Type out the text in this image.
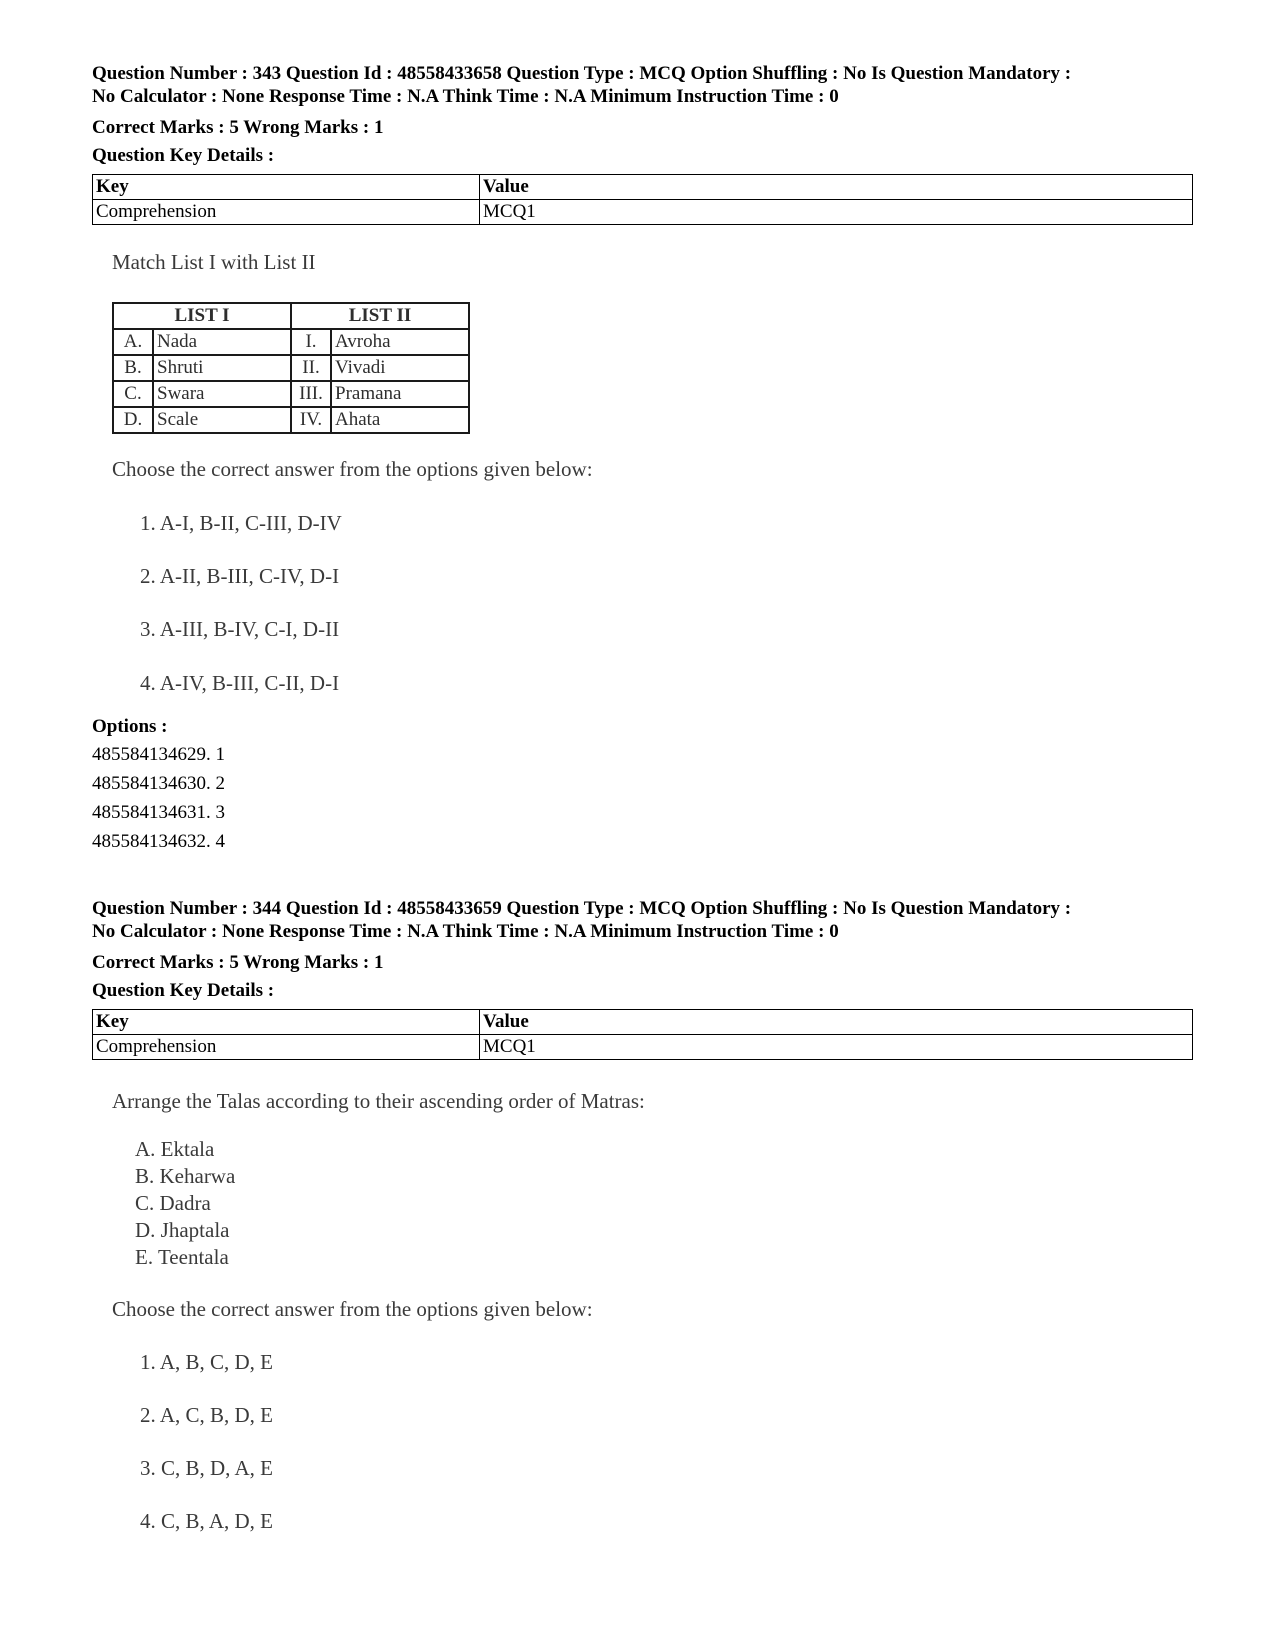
Question Number : 343 Question Id : 48558433658 Question Type : MCQ Option Shuffling : No Is Question Mandatory :
No Calculator : None Response Time : N.A Think Time : N.A Minimum Instruction Time : 0
Correct Marks : 5 Wrong Marks : 1
Question Key Details :
Key	Value
Comprehension	MCQ1
Match List I with List II
LIST I		LIST II	
A.	Nada	I.	Avroha
B.	Shruti	II.	Vivadi
C.	Swara	III.	Pramana
D.	Scale	IV.	Ahata
Choose the correct answer from the options given below:
1. A-I, B-II, C-III, D-IV
2. A-II, B-III, C-IV, D-I
3. A-III, B-IV, C-I, D-II
4. A-IV, B-III, C-II, D-I
Options :
485584134629. 1
485584134630. 2
485584134631. 3
485584134632. 4
Question Number : 344 Question Id : 48558433659 Question Type : MCQ Option Shuffling : No Is Question Mandatory :
No Calculator : None Response Time : N.A Think Time : N.A Minimum Instruction Time : 0
Correct Marks : 5 Wrong Marks : 1
Question Key Details :
Key	Value
Comprehension	MCQ1
Arrange the Talas according to their ascending order of Matras:
A. Ektala
B. Keharwa
C. Dadra
D. Jhaptala
E. Teentala
Choose the correct answer from the options given below:
1. A, B, C, D, E
2. A, C, B, D, E
3. C, B, D, A, E
4. C, B, A, D, E
